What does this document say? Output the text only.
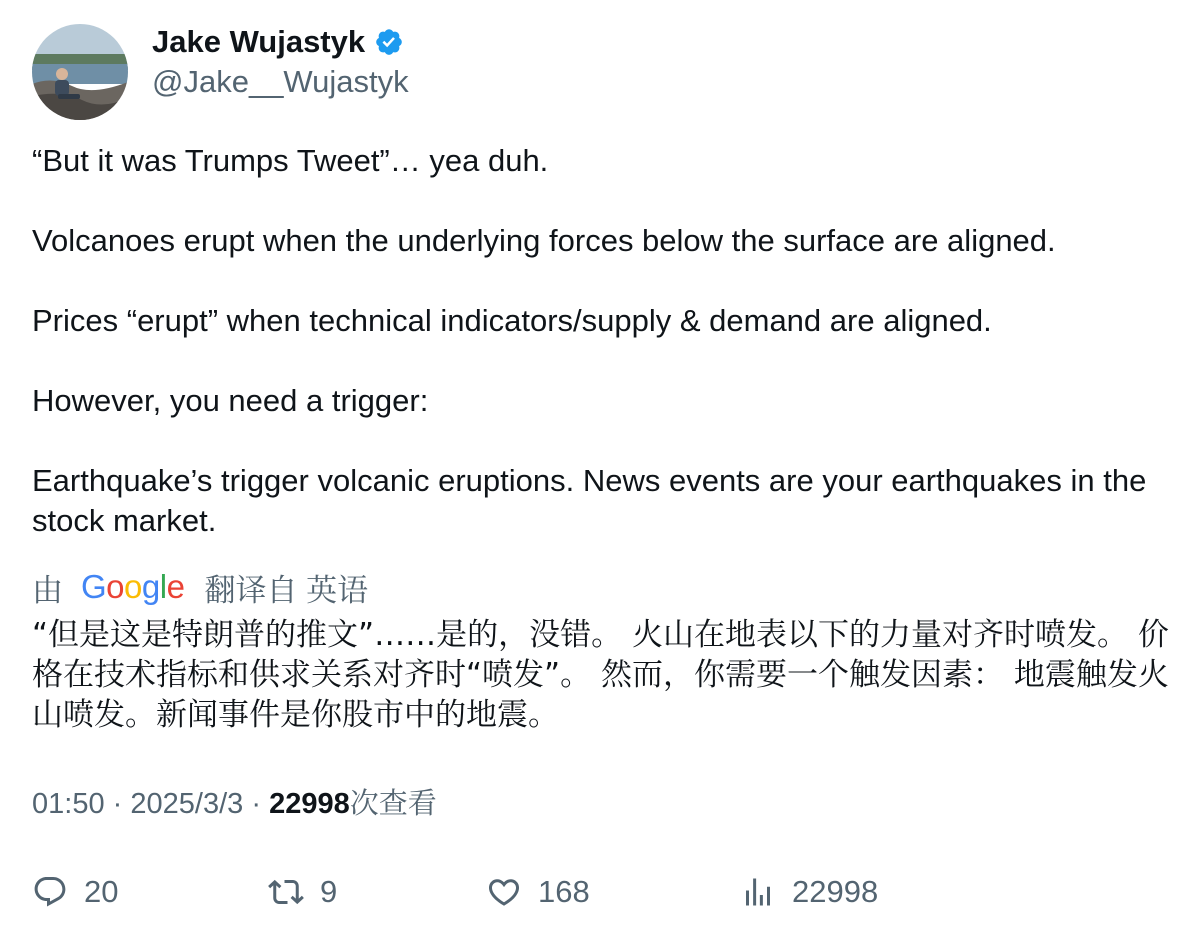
Jake Wujastyk
@Jake__Wujastyk

“But it was Trumps Tweet”… yea duh.

Volcanoes erupt when the underlying forces below the surface are aligned.

Prices “erupt” when technical indicators/supply & demand are aligned.

However, you need a trigger:

Earthquake’s trigger volcanic eruptions. News events are your earthquakes in the stock market.

由 Google 翻译自 英语
“但是这是特朗普的推文”……是的，没错。 火山在地表以下的力量对齐时喷发。 价格在技术指标和供求关系对齐时“喷发”。 然而，你需要一个触发因素： 地震触发火山喷发。新闻事件是你股市中的地震。
01:50 · 2025/3/3 · 22998次查看
20	9	168	22998
